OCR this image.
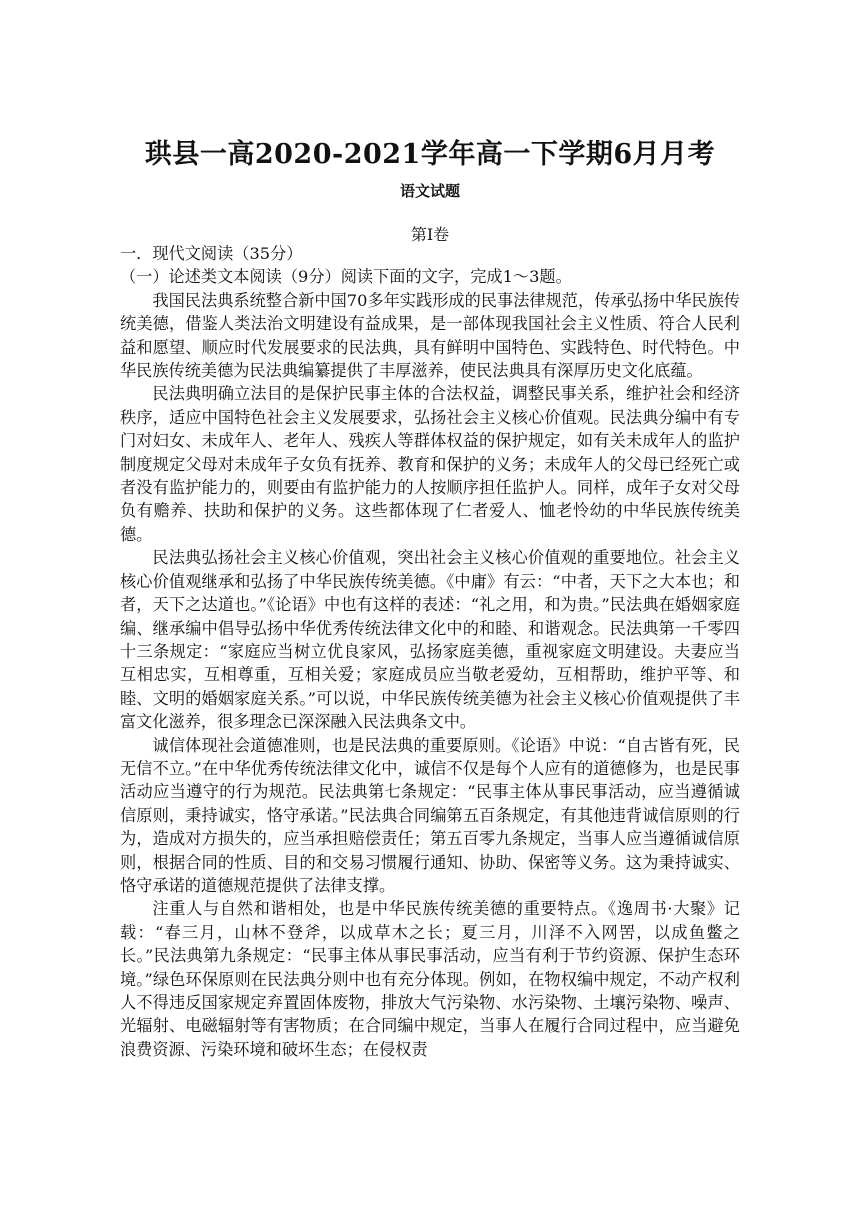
珙县一高2020-2021学年高一下学期6月月考
语文试题
第Ⅰ卷

一．现代文阅读（35分）

（一）论述类文本阅读（9分）阅读下面的文字，完成1～3题。

我国民法典系统整合新中国70多年实践形成的民事法律规范，传承弘扬中华民族传统美德，借鉴人类法治文明建设有益成果，是一部体现我国社会主义性质、符合人民利益和愿望、顺应时代发展要求的民法典，具有鲜明中国特色、实践特色、时代特色。中华民族传统美德为民法典编纂提供了丰厚滋养，使民法典具有深厚历史文化底蕴。

民法典明确立法目的是保护民事主体的合法权益，调整民事关系，维护社会和经济秩序，适应中国特色社会主义发展要求，弘扬社会主义核心价值观。民法典分编中有专门对妇女、未成年人、老年人、残疾人等群体权益的保护规定，如有关未成年人的监护制度规定父母对未成年子女负有抚养、教育和保护的义务；未成年人的父母已经死亡或者没有监护能力的，则要由有监护能力的人按顺序担任监护人。同样，成年子女对父母负有赡养、扶助和保护的义务。这些都体现了仁者爱人、恤老怜幼的中华民族传统美德。

民法典弘扬社会主义核心价值观，突出社会主义核心价值观的重要地位。社会主义核心价值观继承和弘扬了中华民族传统美德。《中庸》有云：“中者，天下之大本也；和者，天下之达道也。”《论语》中也有这样的表述：“礼之用，和为贵。”民法典在婚姻家庭编、继承编中倡导弘扬中华优秀传统法律文化中的和睦、和谐观念。民法典第一千零四十三条规定：“家庭应当树立优良家风，弘扬家庭美德，重视家庭文明建设。夫妻应当互相忠实，互相尊重，互相关爱；家庭成员应当敬老爱幼，互相帮助，维护平等、和睦、文明的婚姻家庭关系。”可以说，中华民族传统美德为社会主义核心价值观提供了丰富文化滋养，很多理念已深深融入民法典条文中。

诚信体现社会道德准则，也是民法典的重要原则。《论语》中说：“自古皆有死，民无信不立。”在中华优秀传统法律文化中，诚信不仅是每个人应有的道德修为，也是民事活动应当遵守的行为规范。民法典第七条规定：“民事主体从事民事活动，应当遵循诚信原则，秉持诚实，恪守承诺。”民法典合同编第五百条规定，有其他违背诚信原则的行为，造成对方损失的，应当承担赔偿责任；第五百零九条规定，当事人应当遵循诚信原则，根据合同的性质、目的和交易习惯履行通知、协助、保密等义务。这为秉持诚实、恪守承诺的道德规范提供了法律支撑。

注重人与自然和谐相处，也是中华民族传统美德的重要特点。《逸周书·大聚》记载：“春三月，山林不登斧，以成草木之长；夏三月，川泽不入网罟，以成鱼鳖之长。”民法典第九条规定：“民事主体从事民事活动，应当有利于节约资源、保护生态环境。”绿色环保原则在民法典分则中也有充分体现。例如，在物权编中规定，不动产权利人不得违反国家规定弃置固体废物，排放大气污染物、水污染物、土壤污染物、噪声、光辐射、电磁辐射等有害物质；在合同编中规定，当事人在履行合同过程中，应当避免浪费资源、污染环境和破坏生态；在侵权责
